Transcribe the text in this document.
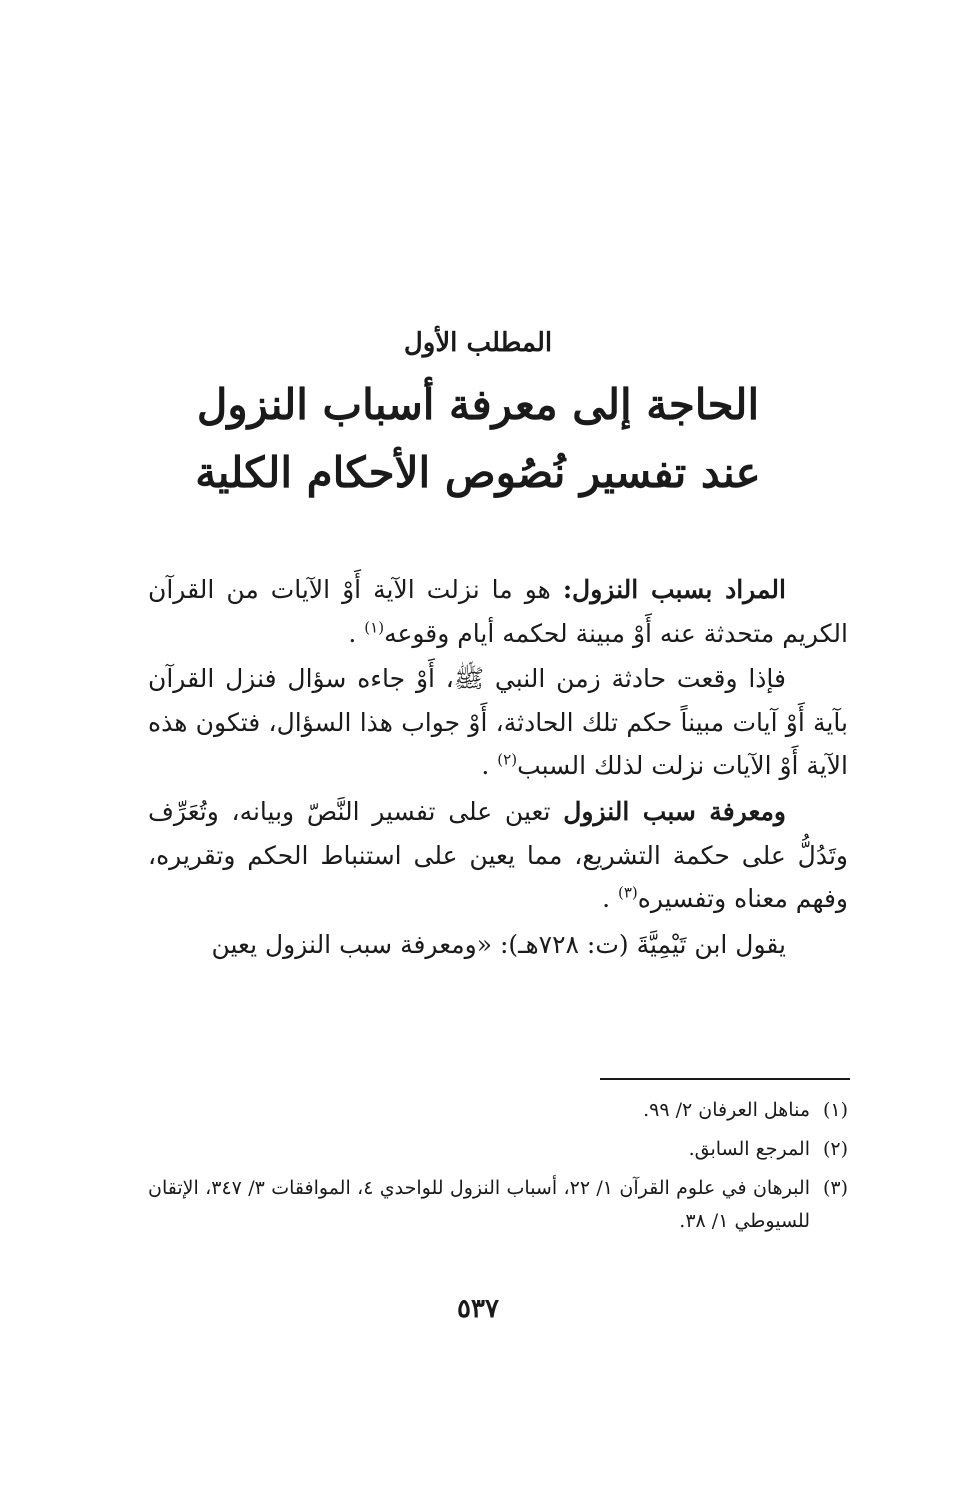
المطلب الأول
الحاجة إلى معرفة أسباب النزول
عند تفسير نُصُوص الأحكام الكلية

المراد بسبب النزول: هو ما نزلت الآية أَوْ الآيات من القرآن الكريم متحدثة عنه أَوْ مبينة لحكمه أيام وقوعه$^{(١)}$ .

فإذا وقعت حادثة زمن النبي ﷺ، أَوْ جاءه سؤال فنزل القرآن بآية أَوْ آيات مبيناً حكم تلك الحادثة، أَوْ جواب هذا السؤال، فتكون هذه الآية أَوْ الآيات نزلت لذلك السبب$^{(٢)}$ .

ومعرفة سبب النزول تعين على تفسير النَّصّ وبيانه، وتُعَرِّف وتَدُلُّ على حكمة التشريع، مما يعين على استنباط الحكم وتقريره، وفهم معناه وتفسيره$^{(٣)}$ .

يقول ابن تَيْمِيَّةَ (ت: ٧٢٨هـ): «ومعرفة سبب النزول يعين

(١)
مناهل العرفان ٢/ ٩٩.

(٢)
المرجع السابق.

(٣)
البرهان في علوم القرآن ١/ ٢٢، أسباب النزول للواحدي ٤، الموافقات ٣/ ٣٤٧، الإتقان للسيوطي ١/ ٣٨.

٥٣٧
